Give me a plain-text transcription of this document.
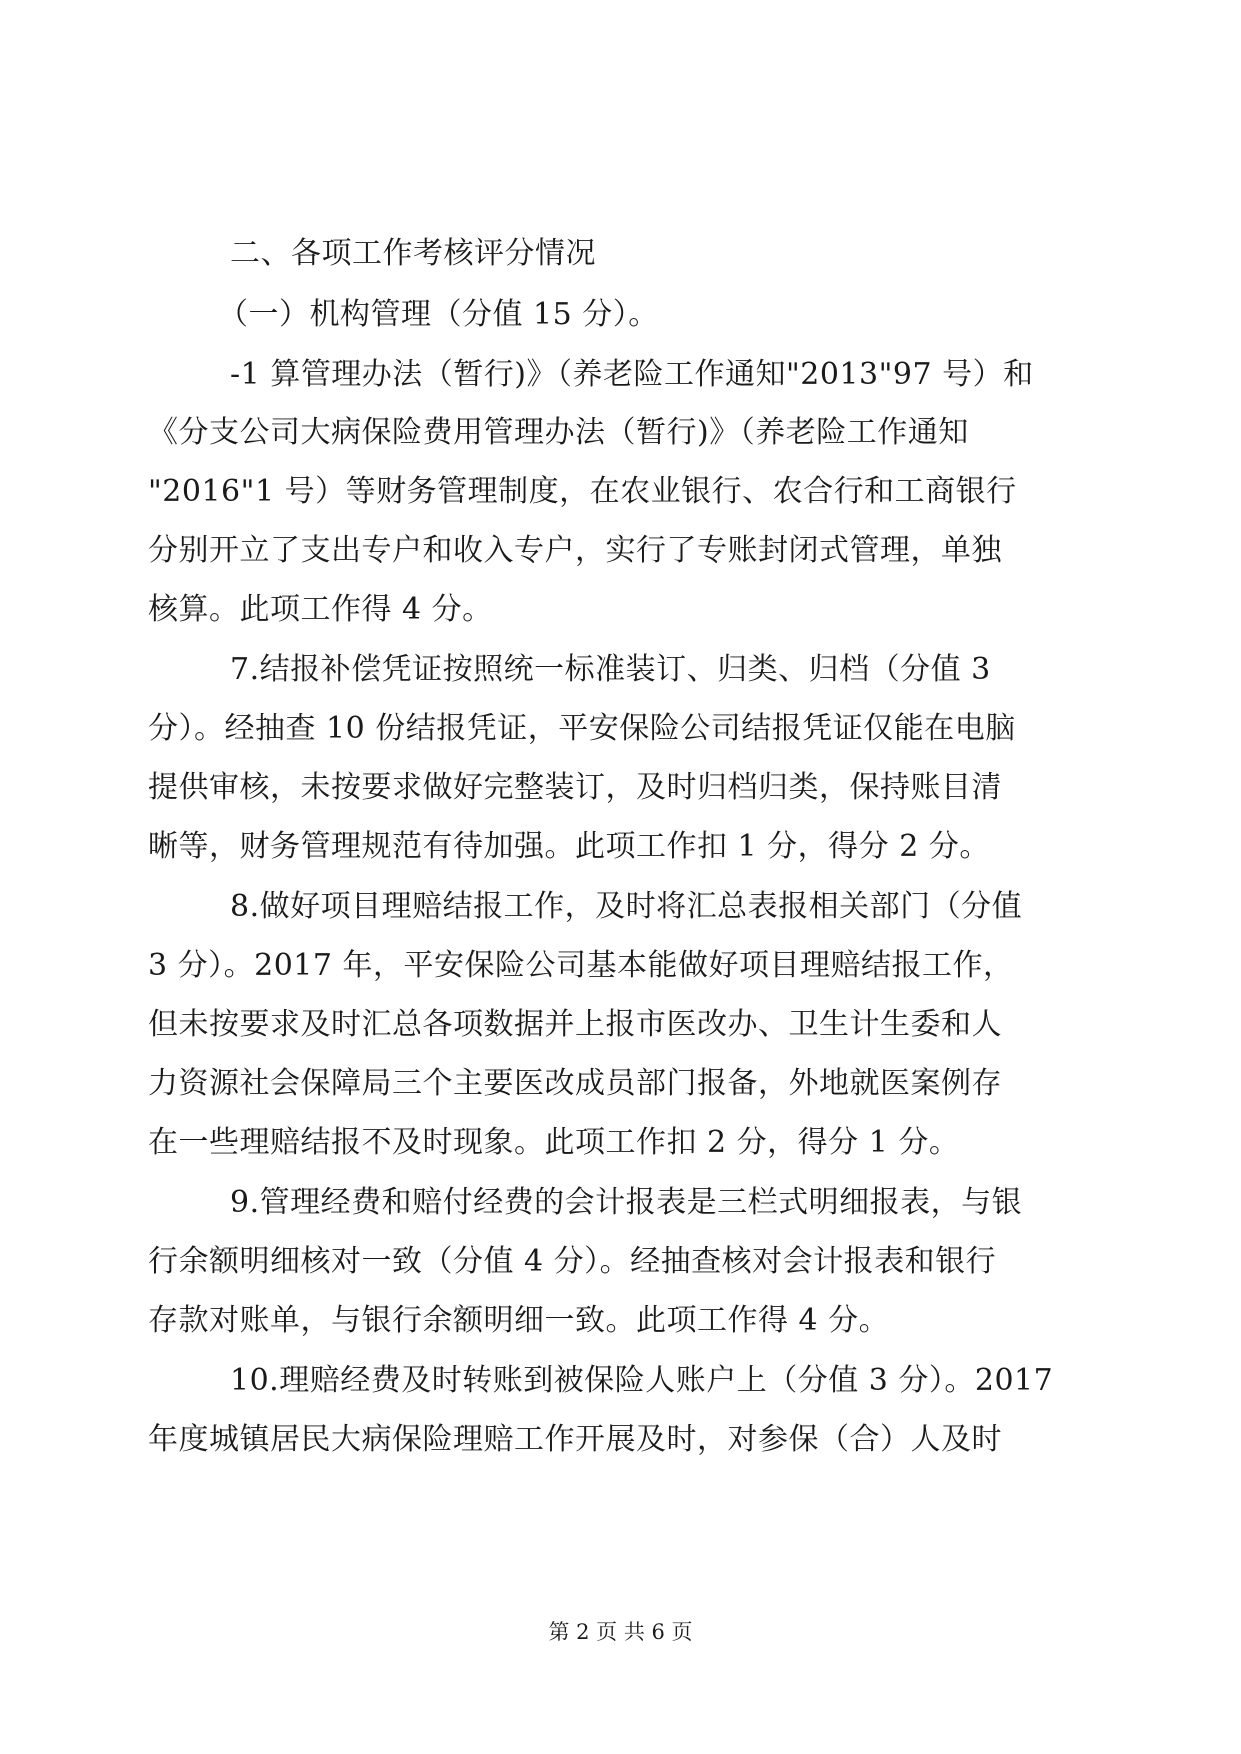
二、各项工作考核评分情况
（一）机构管理（分值 15 分）。
-1 算管理办法（暂行)》（养老险工作通知"2013"97 号）和
《分支公司大病保险费用管理办法（暂行)》（养老险工作通知
"2016"1 号）等财务管理制度，在农业银行、农合行和工商银行
分别开立了支出专户和收入专户，实行了专账封闭式管理，单独
核算。此项工作得 4 分。
7.结报补偿凭证按照统一标准装订、归类、归档（分值 3
分）。经抽查 10 份结报凭证，平安保险公司结报凭证仅能在电脑
提供审核，未按要求做好完整装订，及时归档归类，保持账目清
晰等，财务管理规范有待加强。此项工作扣 1 分，得分 2 分。
8.做好项目理赔结报工作，及时将汇总表报相关部门（分值
3 分）。2017 年，平安保险公司基本能做好项目理赔结报工作，
但未按要求及时汇总各项数据并上报市医改办、卫生计生委和人
力资源社会保障局三个主要医改成员部门报备，外地就医案例存
在一些理赔结报不及时现象。此项工作扣 2 分，得分 1 分。
9.管理经费和赔付经费的会计报表是三栏式明细报表，与银
行余额明细核对一致（分值 4 分）。经抽查核对会计报表和银行
存款对账单，与银行余额明细一致。此项工作得 4 分。
10.理赔经费及时转账到被保险人账户上（分值 3 分）。2017
年度城镇居民大病保险理赔工作开展及时，对参保（合）人及时
第 2 页 共 6 页
